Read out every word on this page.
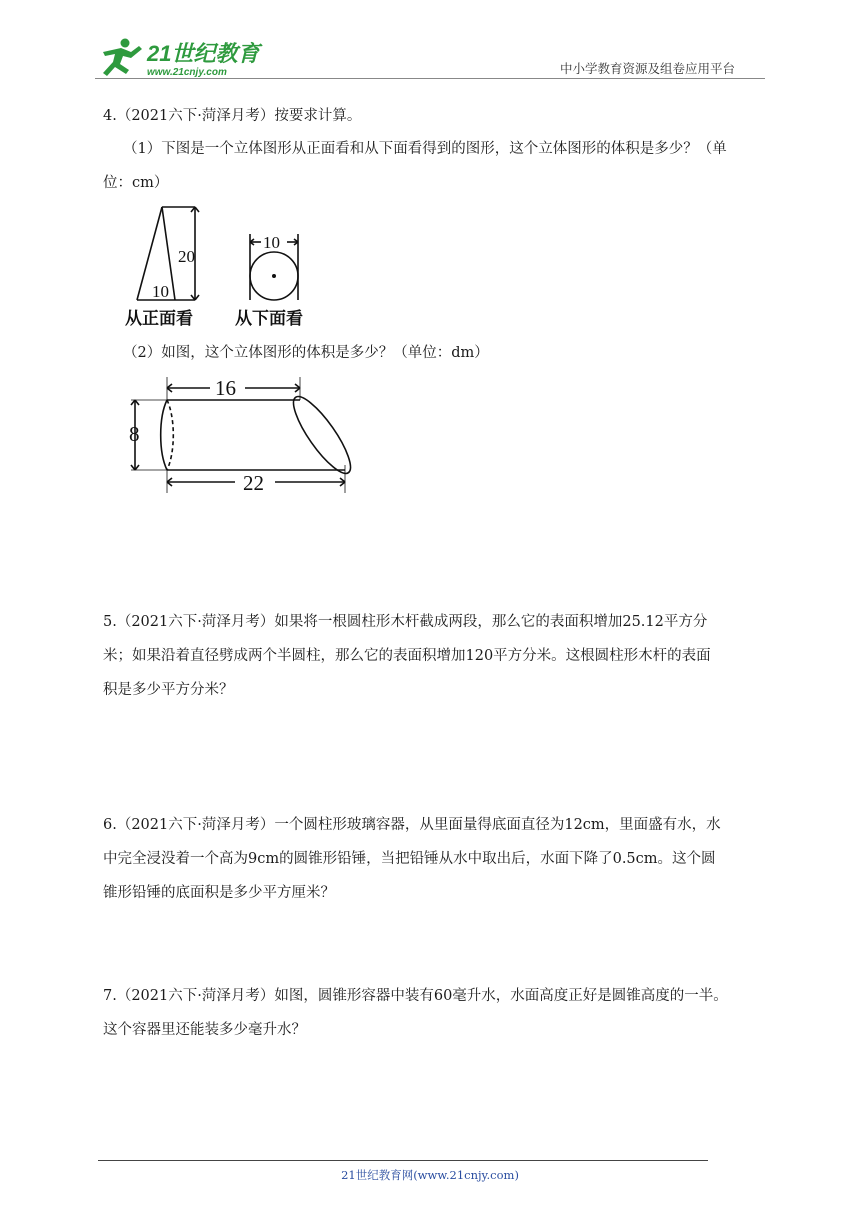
21世纪教育
www.21cnjy.com	中小学教育资源及组卷应用平台
4.（2021六下·菏泽月考）按要求计算。
（1）下图是一个立体图形从正面看和从下面看得到的图形，这个立体图形的体积是多少？（单
位：cm）
20
10
从正面看
10
从下面看
（2）如图，这个立体图形的体积是多少？（单位：dm）
16
22
8
5.（2021六下·菏泽月考）如果将一根圆柱形木杆截成两段，那么它的表面积增加25.12平方分
米；如果沿着直径劈成两个半圆柱，那么它的表面积增加120平方分米。这根圆柱形木杆的表面
积是多少平方分米？
6.（2021六下·菏泽月考）一个圆柱形玻璃容器，从里面量得底面直径为12cm，里面盛有水，水
中完全浸没着一个高为9cm的圆锥形铅锤，当把铅锤从水中取出后，水面下降了0.5cm。这个圆
锥形铅锤的底面积是多少平方厘米？
7.（2021六下·菏泽月考）如图，圆锥形容器中装有60毫升水，水面高度正好是圆锥高度的一半。
这个容器里还能装多少毫升水？
21世纪教育网(www.21cnjy.com)
